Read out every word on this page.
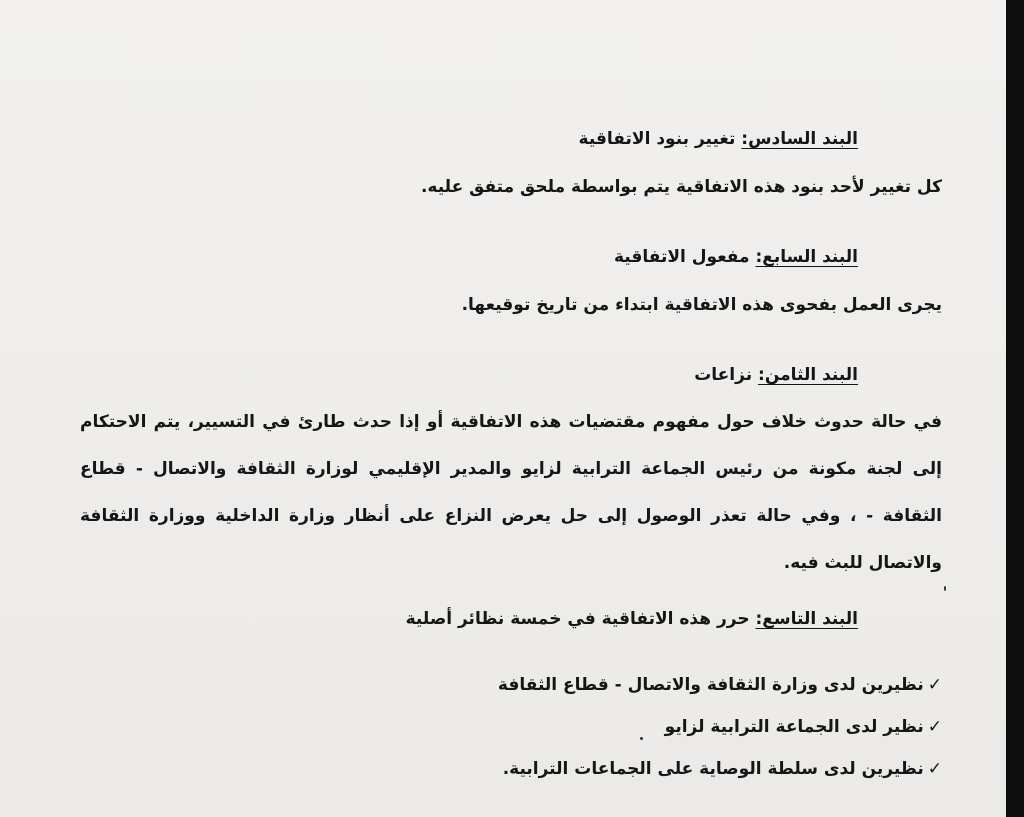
البند السادس: تغيير بنود الاتفاقية
كل تغيير لأحد بنود هذه الاتفاقية يتم بواسطة ملحق متفق عليه.
البند السابع: مفعول الاتفاقية
يجرى العمل بفحوى هذه الاتفاقية ابتداء من تاريخ توقيعها.
البند الثامن: نزاعات
في حالة حدوث خلاف حول مفهوم مقتضيات هذه الاتفاقية أو إذا حدث طارئ في التسيير، يتم الاحتكام إلى لجنة مكونة من رئيس الجماعة الترابية لزايو والمدير الإقليمي لوزارة الثقافة والاتصال - قطاع الثقافة - ، وفي حالة تعذر الوصول إلى حل يعرض النزاع على أنظار وزارة الداخلية ووزارة الثقافة والاتصال للبث فيه.
البند التاسع: حرر هذه الاتفاقية في خمسة نظائر أصلية
✓نظيرين لدى وزارة الثقافة والاتصال - قطاع الثقافة
✓نظير لدى الجماعة الترابية لزايو
✓نظيرين لدى سلطة الوصاية على الجماعات الترابية.
